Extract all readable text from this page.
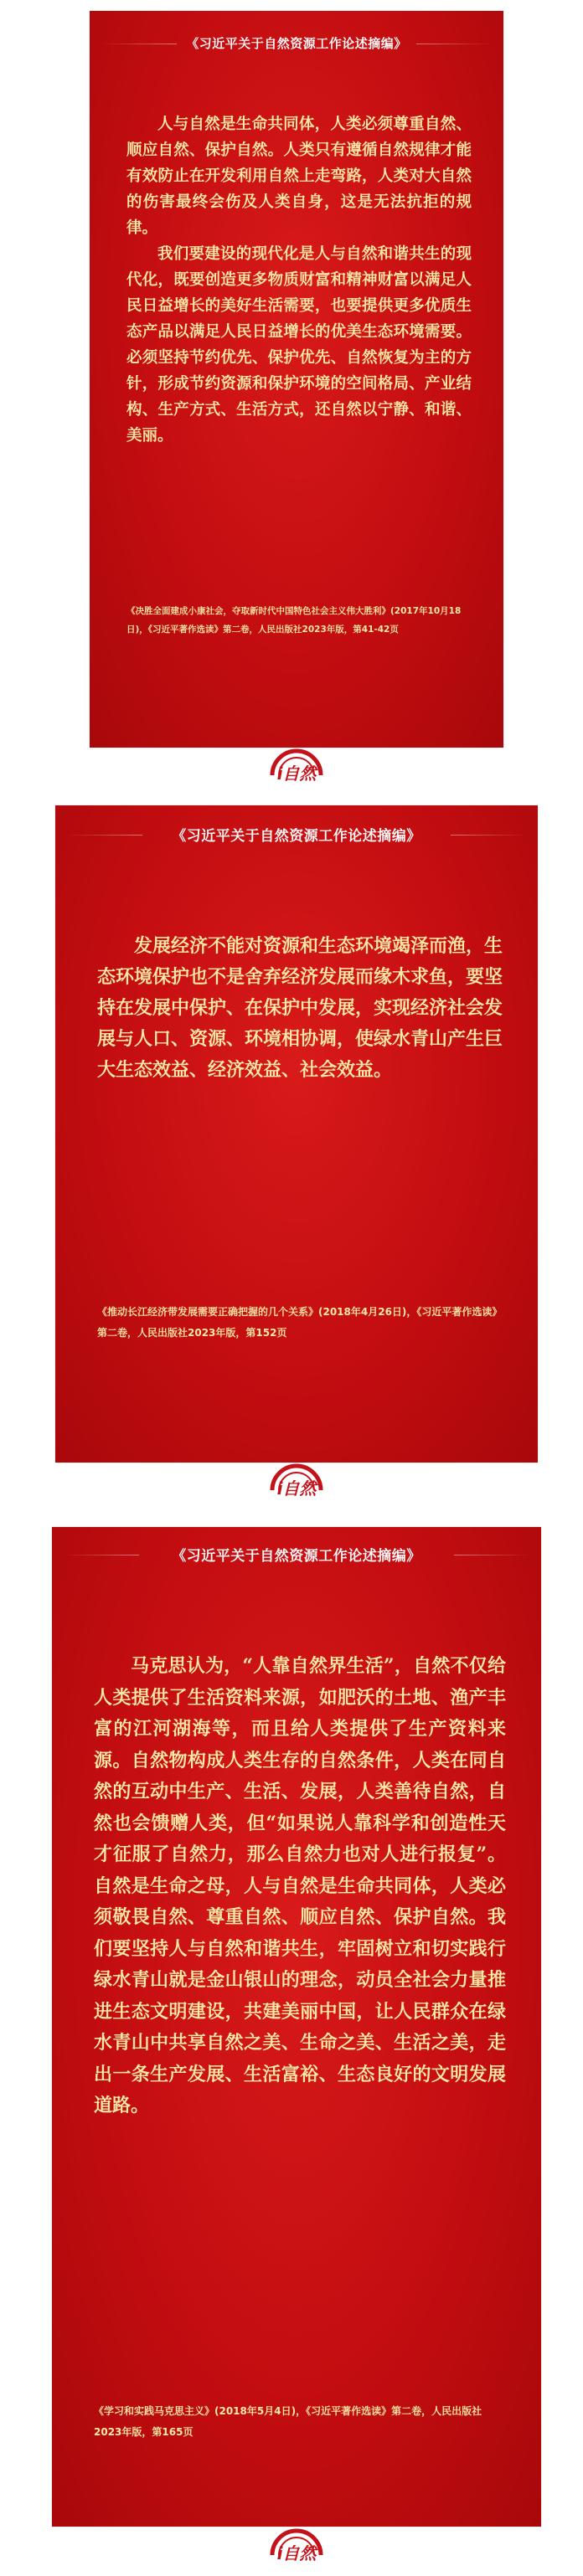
《习近平关于自然资源工作论述摘编》

人与自然是生命共同体，人类必须尊重自然、顺应自然、保护自然。人类只有遵循自然规律才能有效防止在开发利用自然上走弯路，人类对大自然的伤害最终会伤及人类自身，这是无法抗拒的规律。

我们要建设的现代化是人与自然和谐共生的现代化，既要创造更多物质财富和精神财富以满足人民日益增长的美好生活需要，也要提供更多优质生态产品以满足人民日益增长的优美生态环境需要。必须坚持节约优先、保护优先、自然恢复为主的方针，形成节约资源和保护环境的空间格局、产业结构、生产方式、生活方式，还自然以宁静、和谐、美丽。

《决胜全面建成小康社会，夺取新时代中国特色社会主义伟大胜利》(2017年10月18日)，《习近平著作选读》第二卷，人民出版社2023年版，第41-42页
i自然
《习近平关于自然资源工作论述摘编》

发展经济不能对资源和生态环境竭泽而渔，生态环境保护也不是舍弃经济发展而缘木求鱼，要坚持在发展中保护、在保护中发展，实现经济社会发展与人口、资源、环境相协调，使绿水青山产生巨大生态效益、经济效益、社会效益。

《推动长江经济带发展需要正确把握的几个关系》(2018年4月26日)，《习近平著作选读》第二卷，人民出版社2023年版，第152页
i自然
《习近平关于自然资源工作论述摘编》

马克思认为，“人靠自然界生活”，自然不仅给人类提供了生活资料来源，如肥沃的土地、渔产丰富的江河湖海等，而且给人类提供了生产资料来源。自然物构成人类生存的自然条件，人类在同自然的互动中生产、生活、发展，人类善待自然，自然也会馈赠人类，但“如果说人靠科学和创造性天才征服了自然力，那么自然力也对人进行报复”。自然是生命之母，人与自然是生命共同体，人类必须敬畏自然、尊重自然、顺应自然、保护自然。我们要坚持人与自然和谐共生，牢固树立和切实践行绿水青山就是金山银山的理念，动员全社会力量推进生态文明建设，共建美丽中国，让人民群众在绿水青山中共享自然之美、生命之美、生活之美，走出一条生产发展、生活富裕、生态良好的文明发展道路。

《学习和实践马克思主义》(2018年5月4日)，《习近平著作选读》第二卷，人民出版社2023年版，第165页
i自然
